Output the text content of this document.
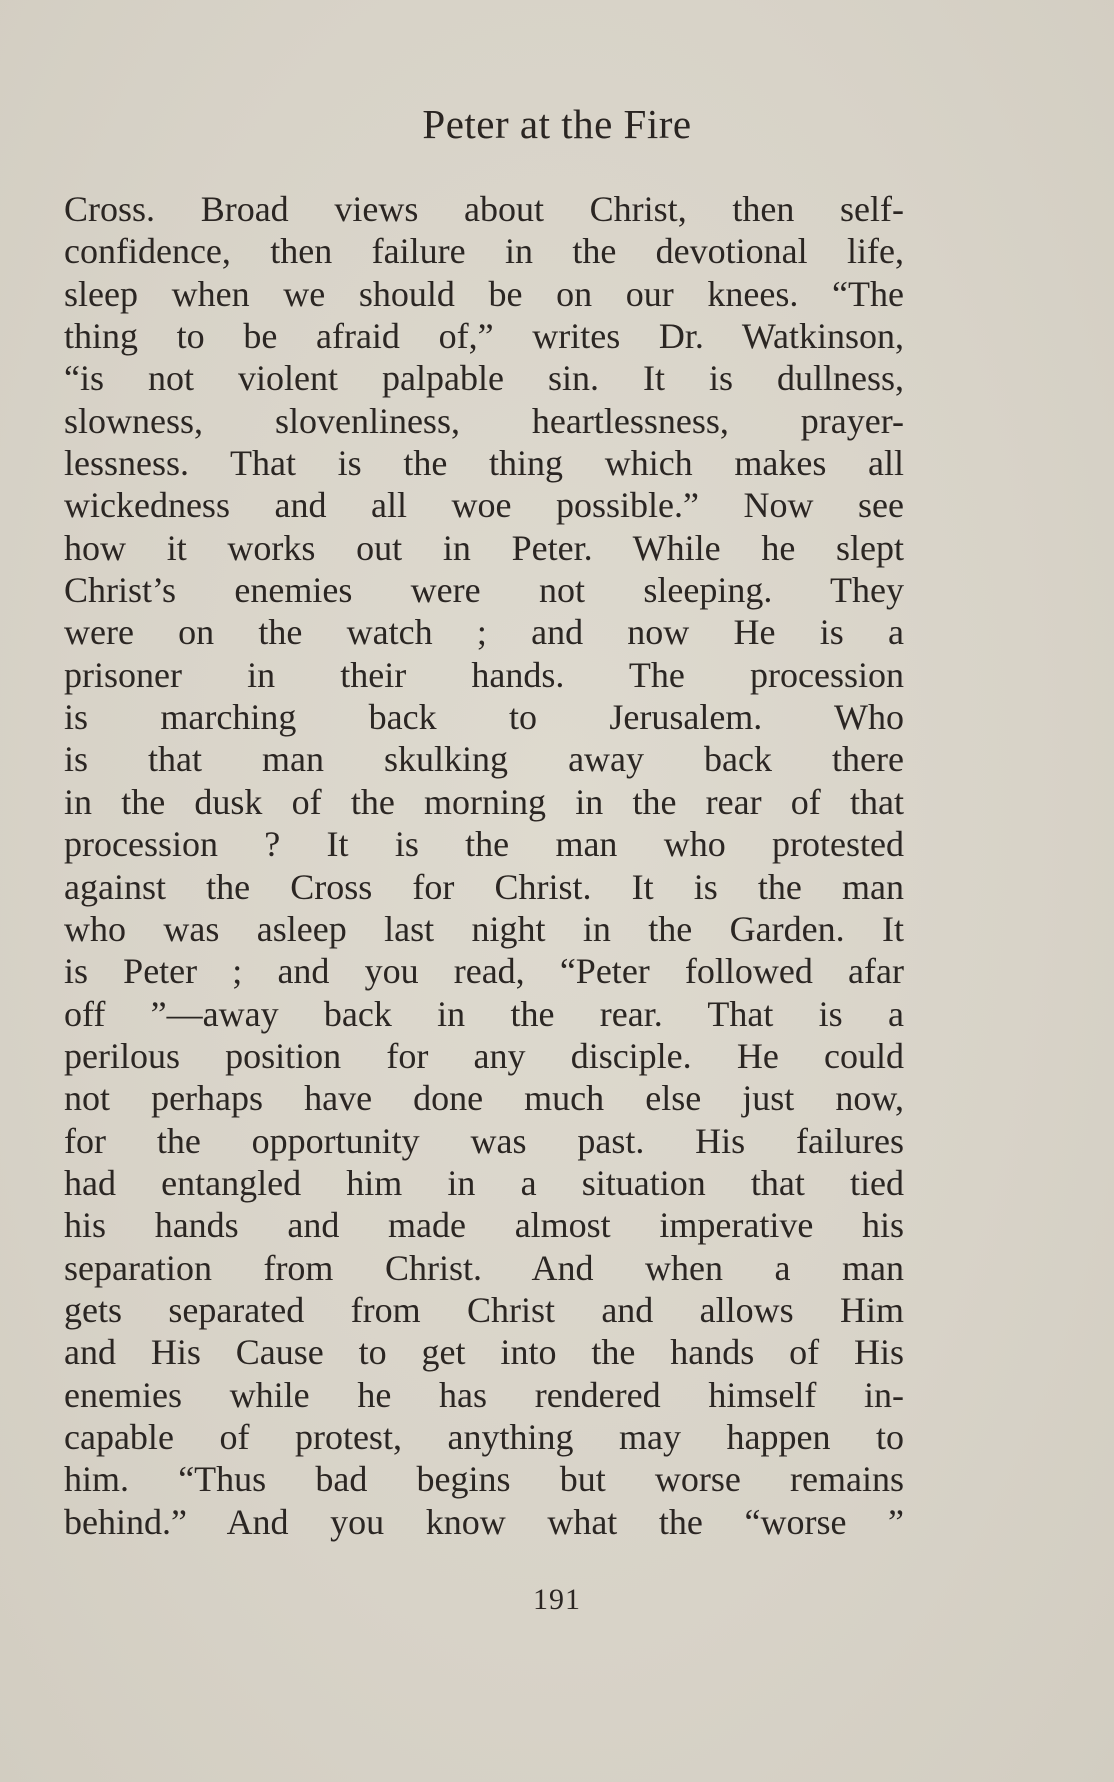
Peter at the Fire
Cross. Broad views about Christ, then self-
confidence, then failure in the devotional life,
sleep when we should be on our knees. “The
thing to be afraid of,” writes Dr. Watkinson,
“is not violent palpable sin. It is dullness,
slowness, slovenliness, heartlessness, prayer-
lessness. That is the thing which makes all
wickedness and all woe possible.” Now see
how it works out in Peter. While he slept
Christ’s enemies were not sleeping. They
were on the watch ; and now He is a
prisoner in their hands. The procession
is marching back to Jerusalem. Who
is that man skulking away back there
in the dusk of the morning in the rear of that
procession ? It is the man who protested
against the Cross for Christ. It is the man
who was asleep last night in the Garden. It
is Peter ; and you read, “Peter followed afar
off ”—away back in the rear. That is a
perilous position for any disciple. He could
not perhaps have done much else just now,
for the opportunity was past. His failures
had entangled him in a situation that tied
his hands and made almost imperative his
separation from Christ. And when a man
gets separated from Christ and allows Him
and His Cause to get into the hands of His
enemies while he has rendered himself in-
capable of protest, anything may happen to
him. “Thus bad begins but worse remains
behind.” And you know what the “worse ”
191
